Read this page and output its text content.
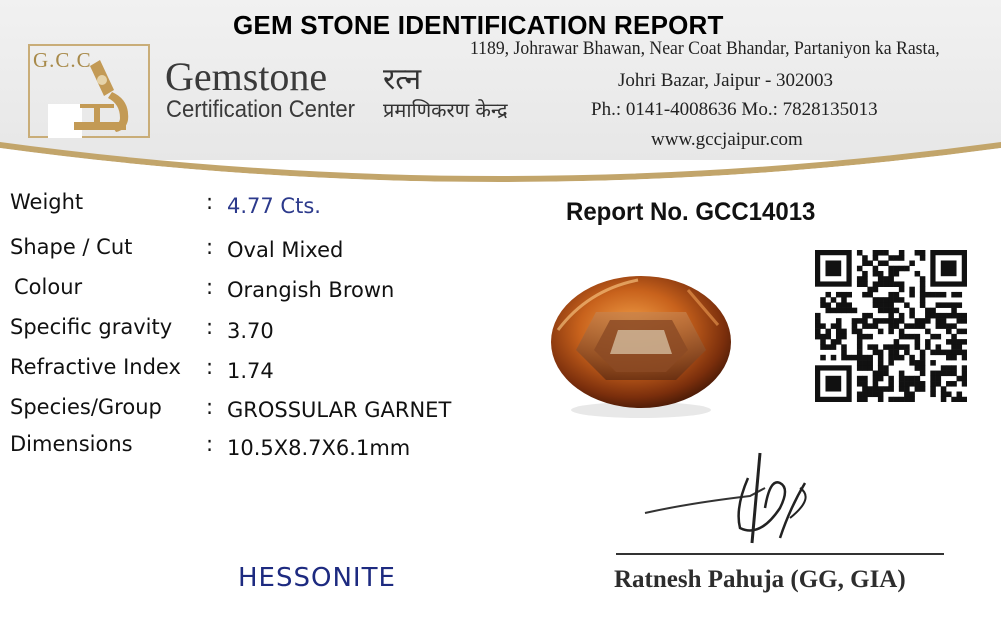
GEM STONE IDENTIFICATION REPORT
G.C.C Gemstone
Certification Center
रत्न
प्रमाणिकरण केन्द्र
1189, Johrawar Bhawan, Near Coat Bhandar, Partaniyon ka Rasta,
Johri Bazar, Jaipur - 302003
Ph.: 0141-4008636 Mo.: 7828135013
www.gccjaipur.com
Weight	: 4.77 Cts.
Shape / Cut	: Oval Mixed
Colour	: Orangish Brown
Specific gravity : 3.70
Refractive Index : 1.74
Species/Group : GROSSULAR GARNET
Dimensions	: 10.5X8.7X6.1mm
Report No. GCC14013
Ratnesh Pahuja (GG, GIA)
HESSONITE
